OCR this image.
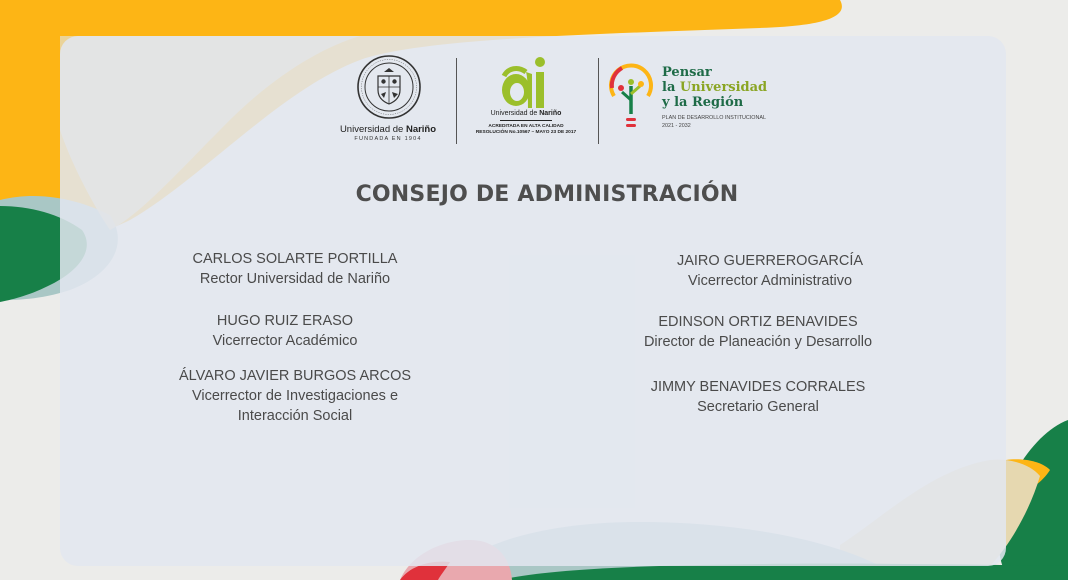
Universidad de Nariño
FUNDADA EN 1904
Universidad de Nariño
ACREDITADA EN ALTA CALIDAD
RESOLUCIÓN No.10567 – MAYO 23 DE 2017
Pensar
la Universidad
y la Región
PLAN DE DESARROLLO INSTITUCIONAL
2021 - 2032
CONSEJO DE ADMINISTRACIÓN
CARLOS SOLARTE PORTILLA
Rector Universidad de Nariño
HUGO RUIZ ERASO
Vicerrector Académico
ÁLVARO JAVIER BURGOS ARCOS
Vicerrector de Investigaciones e Interacción Social
JAIRO GUERREROGARCÍA
Vicerrector Administrativo
EDINSON ORTIZ BENAVIDES
Director de Planeación y Desarrollo
JIMMY BENAVIDES CORRALES
Secretario General
